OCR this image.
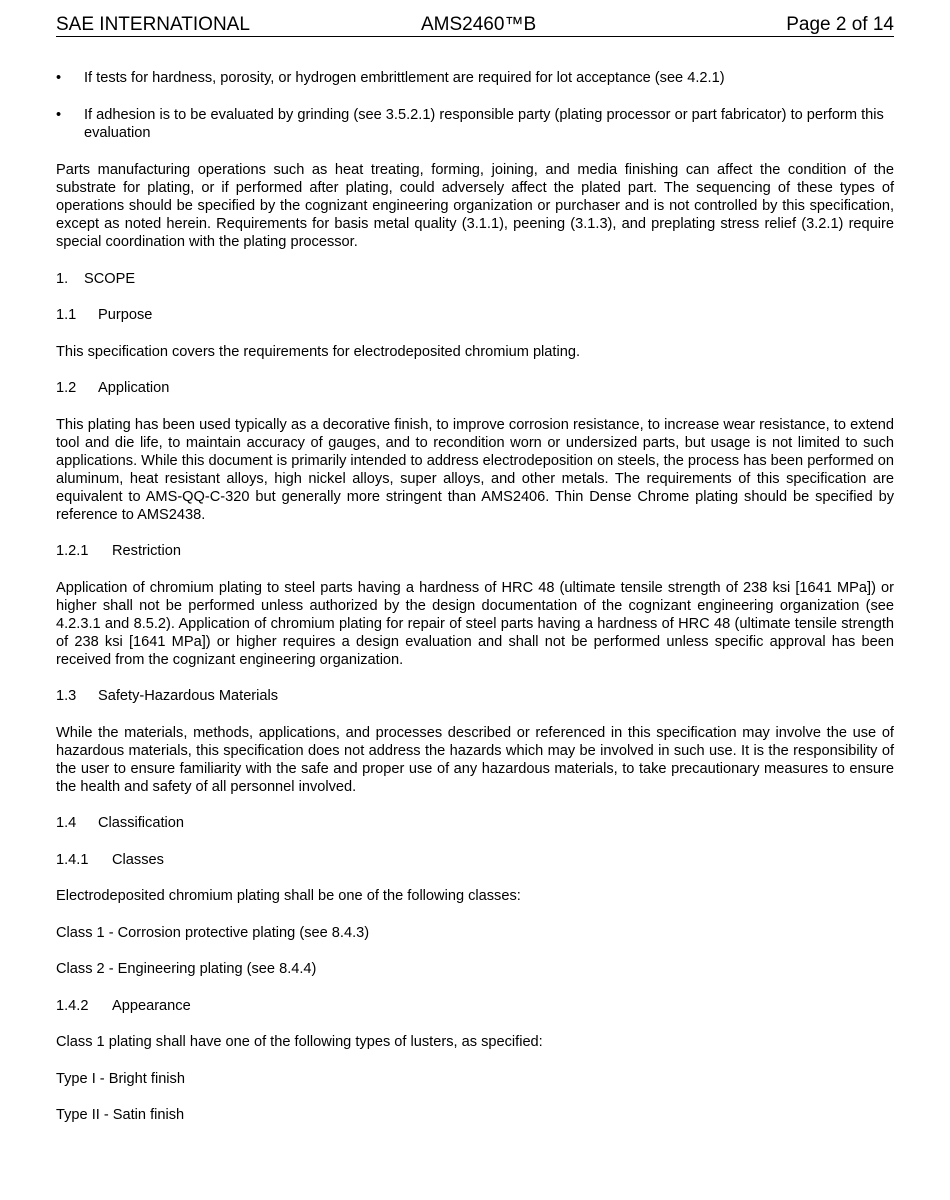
SAE INTERNATIONAL	AMS2460™B	Page 2 of 14
• If tests for hardness, porosity, or hydrogen embrittlement are required for lot acceptance (see 4.2.1)
• If adhesion is to be evaluated by grinding (see 3.5.2.1) responsible party (plating processor or part fabricator) to perform this evaluation

Parts manufacturing operations such as heat treating, forming, joining, and media finishing can affect the condition of the substrate for plating, or if performed after plating, could adversely affect the plated part. The sequencing of these types of operations should be specified by the cognizant engineering organization or purchaser and is not controlled by this specification, except as noted herein. Requirements for basis metal quality (3.1.1), peening (3.1.3), and preplating stress relief (3.2.1) require special coordination with the plating processor.

1. SCOPE
1.1 Purpose

This specification covers the requirements for electrodeposited chromium plating.

1.2 Application

This plating has been used typically as a decorative finish, to improve corrosion resistance, to increase wear resistance, to extend tool and die life, to maintain accuracy of gauges, and to recondition worn or undersized parts, but usage is not limited to such applications. While this document is primarily intended to address electrodeposition on steels, the process has been performed on aluminum, heat resistant alloys, high nickel alloys, super alloys, and other metals. The requirements of this specification are equivalent to AMS-QQ-C-320 but generally more stringent than AMS2406. Thin Dense Chrome plating should be specified by reference to AMS2438.

1.2.1 Restriction

Application of chromium plating to steel parts having a hardness of HRC 48 (ultimate tensile strength of 238 ksi [1641 MPa]) or higher shall not be performed unless authorized by the design documentation of the cognizant engineering organization (see 4.2.3.1 and 8.5.2). Application of chromium plating for repair of steel parts having a hardness of HRC 48 (ultimate tensile strength of 238 ksi [1641 MPa]) or higher requires a design evaluation and shall not be performed unless specific approval has been received from the cognizant engineering organization.

1.3 Safety-Hazardous Materials

While the materials, methods, applications, and processes described or referenced in this specification may involve the use of hazardous materials, this specification does not address the hazards which may be involved in such use. It is the responsibility of the user to ensure familiarity with the safe and proper use of any hazardous materials, to take precautionary measures to ensure the health and safety of all personnel involved.

1.4 Classification
1.4.1 Classes

Electrodeposited chromium plating shall be one of the following classes:

Class 1 - Corrosion protective plating (see 8.4.3)

Class 2 - Engineering plating (see 8.4.4)

1.4.2 Appearance

Class 1 plating shall have one of the following types of lusters, as specified:

Type I - Bright finish

Type II - Satin finish
